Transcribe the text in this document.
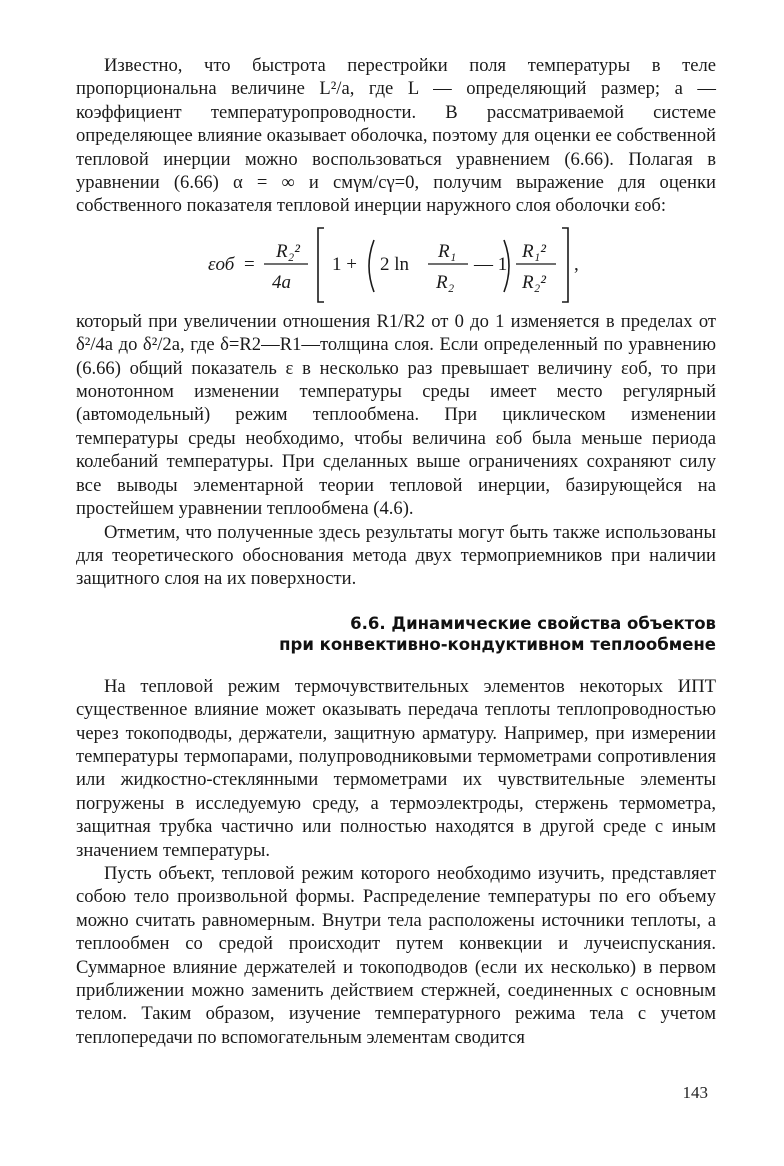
Известно, что быстрота перестройки поля температуры в теле пропорциональна величине L²/a, где L — определяющий размер; a — коэффициент температуропроводности. В рассматриваемой системе определяющее влияние оказывает оболочка, поэтому для оценки ее собственной тепловой инерции можно воспользоваться уравнением (6.66). Полагая в уравнении (6.66) α = ∞ и cмγм/cγ=0, получим выражение для оценки собственного показателя тепловой инерции наружного слоя оболочки εоб:

εоб =
R₂²
4a
1 + 2 ln
R₁
R₂
— 1
R₁²
R₂²
,

который при увеличении отношения R1/R2 от 0 до 1 изменяется в пределах от δ²/4a до δ²/2a, где δ=R2—R1—толщина слоя. Если определенный по уравнению (6.66) общий показатель ε в несколько раз превышает величину εоб, то при монотонном изменении температуры среды имеет место регулярный (автомодельный) режим теплообмена. При циклическом изменении температуры среды необходимо, чтобы величина εоб была меньше периода колебаний температуры. При сделанных выше ограничениях сохраняют силу все выводы элементарной теории тепловой инерции, базирующейся на простейшем уравнении теплообмена (4.6).

Отметим, что полученные здесь результаты могут быть также использованы для теоретического обоснования метода двух термоприемников при наличии защитного слоя на их поверхности.

6.6. Динамические свойства объектов
при конвективно-кондуктивном теплообмене

На тепловой режим термочувствительных элементов некоторых ИПТ существенное влияние может оказывать передача теплоты теплопроводностью через токоподводы, держатели, защитную арматуру. Например, при измерении температуры термопарами, полупроводниковыми термометрами сопротивления или жидкостно-стеклянными термометрами их чувствительные элементы погружены в исследуемую среду, а термоэлектроды, стержень термометра, защитная трубка частично или полностью находятся в другой среде с иным значением температуры.

Пусть объект, тепловой режим которого необходимо изучить, представляет собою тело произвольной формы. Распределение температуры по его объему можно считать равномерным. Внутри тела расположены источники теплоты, а теплообмен со средой происходит путем конвекции и лучеиспускания. Суммарное влияние держателей и токоподводов (если их несколько) в первом приближении можно заменить действием стержней, соединенных с основным телом. Таким образом, изучение температурного режима тела с учетом теплопередачи по вспомогательным элементам сводится

143
